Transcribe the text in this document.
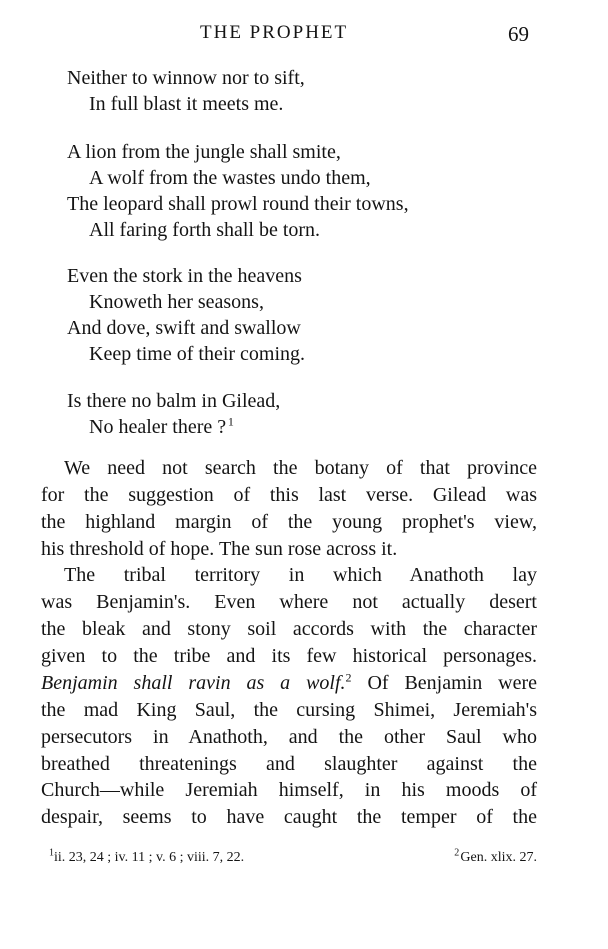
THE PROPHET	69
Neither to winnow nor to sift,
In full blast it meets me.
A lion from the jungle shall smite,
A wolf from the wastes undo them,
The leopard shall prowl round their towns,
All faring forth shall be torn.
Even the stork in the heavens
Knoweth her seasons,
And dove, swift and swallow
Keep time of their coming.
Is there no balm in Gilead,
No healer there ?  $^1$
We need not search the botany of that province
for the suggestion of this last verse. Gilead was
the highland margin of the young prophet's view,
his threshold of hope. The sun rose across it.
The tribal territory in which Anathoth lay
was Benjamin's. Even where not actually desert
the bleak and stony soil accords with the character
given to the tribe and its few historical personages.
Benjamin shall ravin as a wolf.$^2$ Of Benjamin were
the mad King Saul, the cursing Shimei, Jeremiah's
persecutors in Anathoth, and the other Saul who
breathed threatenings and slaughter against the
Church—while Jeremiah himself, in his moods of
despair, seems to have caught the temper of the
$^1$ii. 23, 24 ; iv. 11 ; v. 6 ; viii. 7, 22.	$^2$ Gen. xlix. 27.
